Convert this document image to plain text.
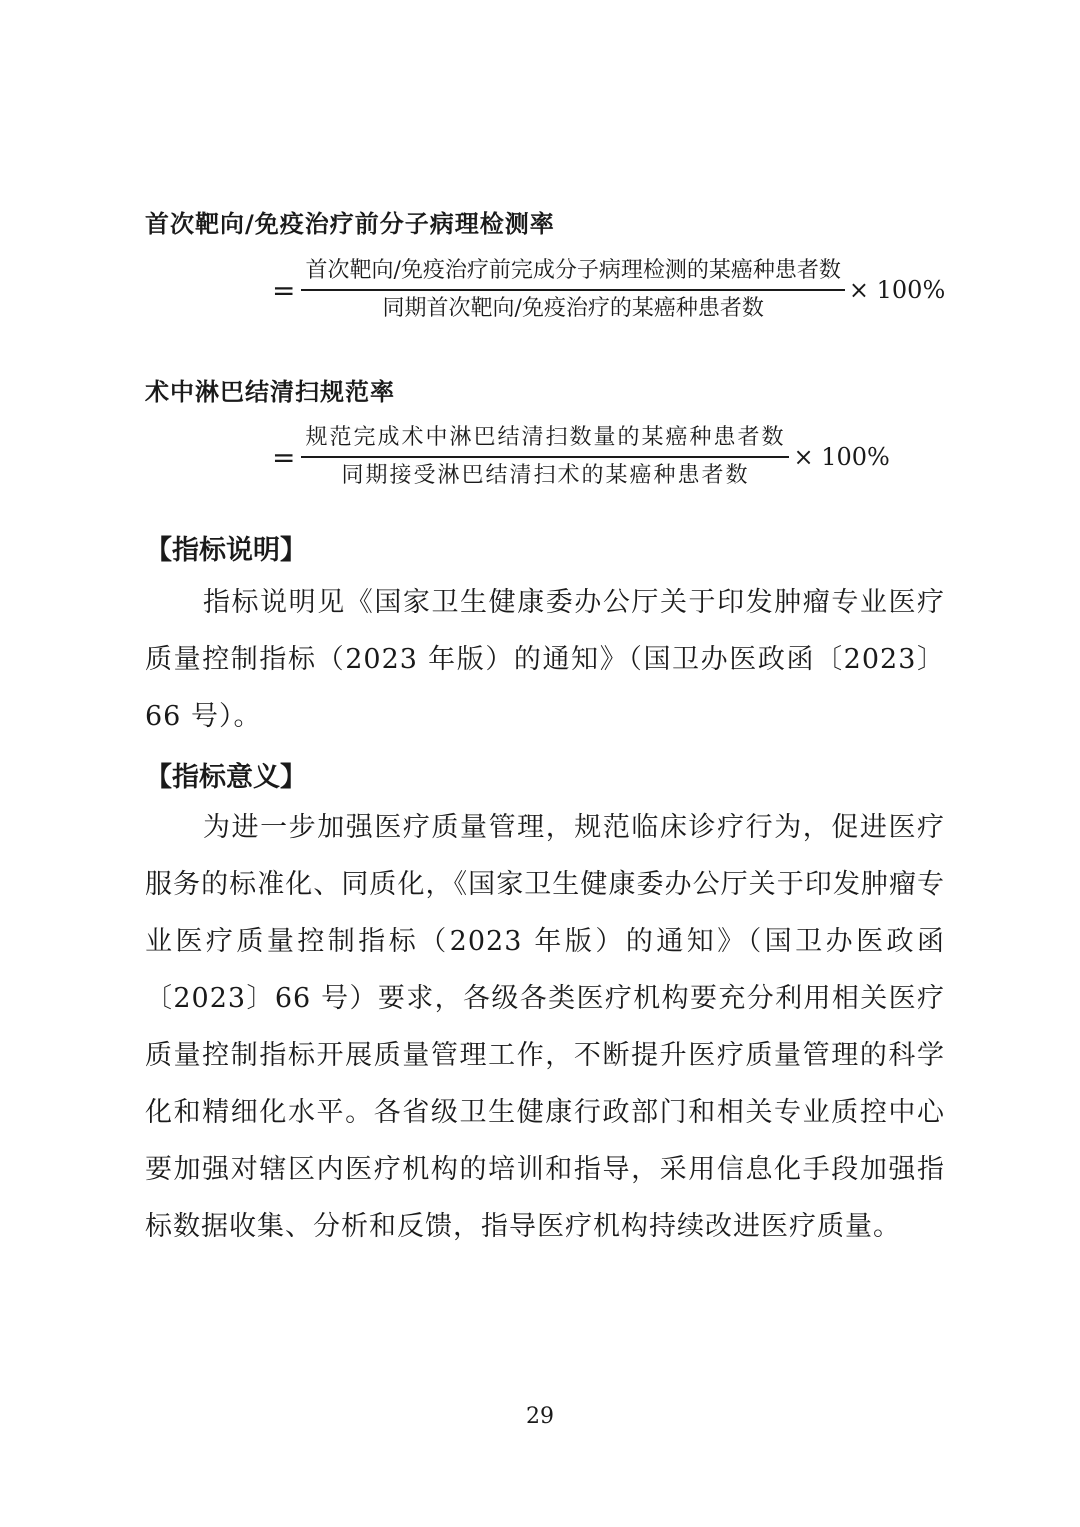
首次靶向/免疫治疗前分子病理检测率
= $\frac{\text{首次靶向/免疫治疗前完成分子病理检测的某癌种患者数}}{\text{同期首次靶向/免疫治疗的某癌种患者数}} \times 100\%$
术中淋巴结清扫规范率
= $\frac{\text{规范完成术中淋巴结清扫数量的某癌种患者数}}{\text{同期接受淋巴结清扫术的某癌种患者数}} \times 100\%$
【指标说明】
指标说明见《国家卫生健康委办公厅关于印发肿瘤专业医疗质量控制指标（2023 年版）的通知》（国卫办医政函〔2023〕66 号）。
【指标意义】
为进一步加强医疗质量管理，规范临床诊疗行为，促进医疗服务的标准化、同质化，《国家卫生健康委办公厅关于印发肿瘤专业医疗质量控制指标（2023 年版）的通知》（国卫办医政函〔2023〕66 号）要求，各级各类医疗机构要充分利用相关医疗质量控制指标开展质量管理工作，不断提升医疗质量管理的科学化和精细化水平。各省级卫生健康行政部门和相关专业质控中心要加强对辖区内医疗机构的培训和指导，采用信息化手段加强指标数据收集、分析和反馈，指导医疗机构持续改进医疗质量。
29
